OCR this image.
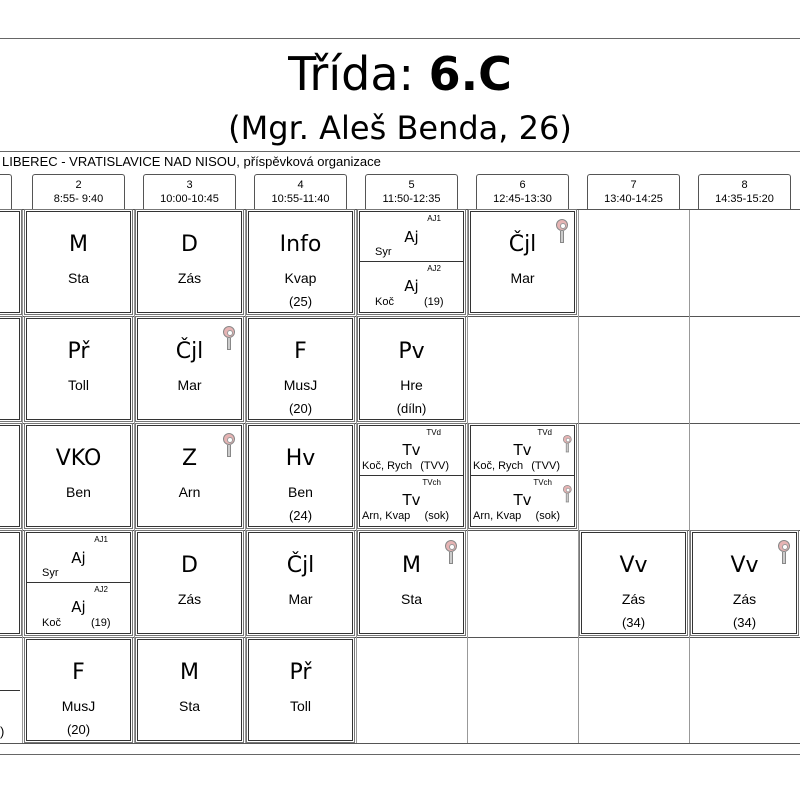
Třída: 6.C
(Mgr. Aleš Benda, 26)
LIBEREC - VRATISLAVICE NAD NISOU, příspěvková organizace
2
8:55- 9:40
3
10:00-10:45
4
10:55-11:40
5
11:50-12:35
6
12:45-13:30
7
13:40-14:25
8
14:35-15:20
)
M
Sta
D
Zás
Info
Kvap
(25)
AJ1
Aj
Syr
AJ2
Aj
Koč	(19)
Čjl
Mar
Př
Toll
Čjl
Mar
F
MusJ
(20)
Pv
Hre
(díln)
VKO
Ben
Z
Arn
Hv
Ben
(24)
TVd
Tv
Koč, Rych (TVV)
TVch
Tv
Arn, Kvap (sok)
TVd
Tv
Koč, Rych (TVV)
TVch
Tv
Arn, Kvap (sok)
AJ1
Aj
Syr
AJ2
Aj
Koč	(19)
D
Zás
Čjl
Mar
M
Sta
Vv
Zás
(34)
Vv
Zás
(34)
F
MusJ
(20)
M
Sta
Př
Toll
